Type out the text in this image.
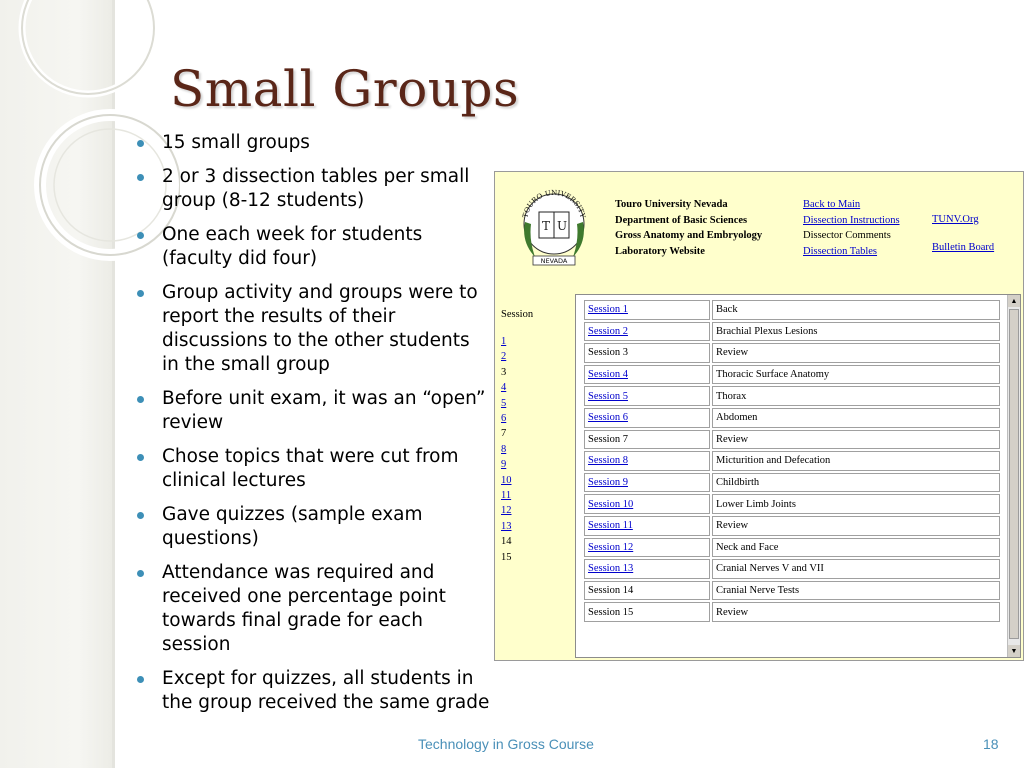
Small Groups
15 small groups
2 or 3 dissection tables per small group (8-12 students)
One each week for students (faculty did four)
Group activity and groups were to report the results of their discussions to the other students in the small group
Before unit exam, it was an “open” review
Chose topics that were cut from clinical lectures
Gave quizzes (sample exam questions)
Attendance was required and received one percentage point towards final grade for each session
Except for quizzes, all students in the group received the same grade
TOURO UNIVERSITY
T U
NEVADA
Touro University Nevada
Department of Basic Sciences
Gross Anatomy and Embryology
Laboratory Website
Back to Main
Dissection Instructions
Dissector Comments
Dissection Tables
TUNV.Org
Bulletin Board
Session
1
2
3
4
5
6
7
8
9
10
11
12
13
14
15
Session 1	Back
Session 2	Brachial Plexus Lesions
Session 3	Review
Session 4	Thoracic Surface Anatomy
Session 5	Thorax
Session 6	Abdomen
Session 7	Review
Session 8	Micturition and Defecation
Session 9	Childbirth
Session 10	Lower Limb Joints
Session 11	Review
Session 12	Neck and Face
Session 13	Cranial Nerves V and VII
Session 14	Cranial Nerve Tests
Session 15	Review
▲
▼
Technology in Gross Course	18
